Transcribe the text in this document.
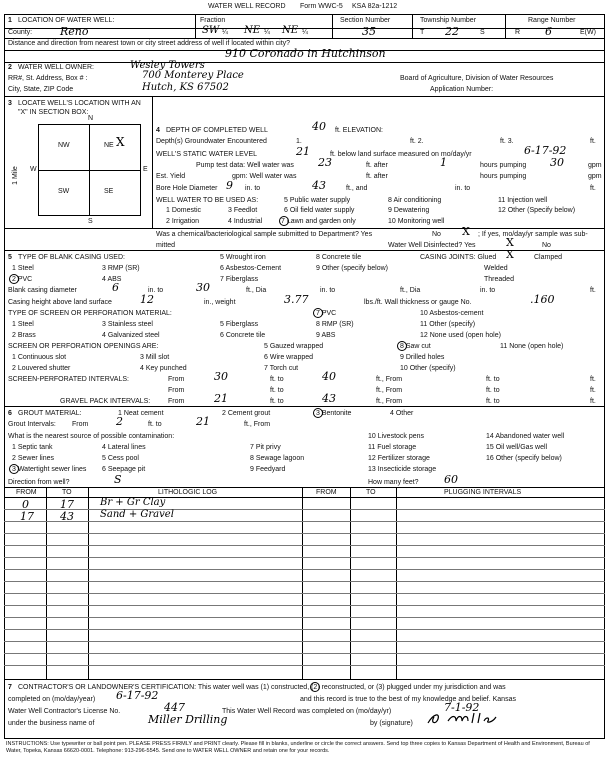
WATER WELL RECORD Form WWC-5 KSA 82a-1212
1 LOCATION OF WATER WELL:
County:	Reno
Fraction
SW ¼ NE ¼ NE ¼
Section Number
35
Township Number
T 22	S
Range Number
R 6	E(W)
Distance and direction from nearest town or city street address of well if located within city?
910 Coronado in Hutchinson
2 WATER WELL OWNER:
RR#, St. Address, Box # :
City, State, ZIP Code
Wesley Towers
700 Monterey Place
Hutch, KS 67502
Board of Agriculture, Division of Water Resources
Application Number:
3 LOCATE WELL'S LOCATION WITH AN "X" IN SECTION BOX:
N
S
W	E
1 Mile
NW	NE
SW	SE
X
4 DEPTH OF COMPLETED WELL	40 ft. ELEVATION:
Depth(s) Groundwater Encountered	1.	ft. 2.	ft. 3.	ft.
WELL'S STATIC WATER LEVEL	21	ft. below land surface measured on mo/day/yr	6-17-92
Pump test data: Well water was 23	ft. after	1	hours pumping 30	gpm
Est. Yield	gpm: Well water was	ft. after	hours pumping	gpm
Bore Hole Diameter 9 in. to	43	ft., and	in. to	ft.
WELL WATER TO BE USED AS:
1 Domestic	3 Feedlot
5 Public water supply	8 Air conditioning	11 Injection well
2 Irrigation	4 Industrial	7 Lawn and garden only
9 Dewatering	12 Other (Specify below)
6 Oil field water supply
10 Monitoring well
Was a chemical/bacteriological sample submitted to Department? Yes	No X ; If yes, mo/day/yr sample was sub-
mitted	Water Well Disinfected? Yes	X	No
5 TYPE OF BLANK CASING USED:
1 Steel	3 RMP (SR)
5 Wrought iron	8 Concrete tile
2 PVC	4 ABS
6 Asbestos-Cement	9 Other (specify below)
7 Fiberglass
CASING JOINTS: Glued X	Clamped
Welded
Threaded
Blank casing diameter	6	in. to	30	ft., Dia	in. to	ft., Dia	in. to	ft.
Casing height above land surface	12	in., weight	3.77	lbs./ft. Wall thickness or gauge No.	.160
TYPE OF SCREEN OR PERFORATION MATERIAL:
1 Steel	3 Stainless steel	5 Fiberglass
7 PVC	10 Asbestos-cement
2 Brass	4 Galvanized steel	6 Concrete tile
8 RMP (SR)	11 Other (specify)
9 ABS	12 None used (open hole)
SCREEN OR PERFORATION OPENINGS ARE:	5 Gauzed wrapped	8 Saw cut	11 None (open hole)
1 Continuous slot	3 Mill slot	6 Wire wrapped	9 Drilled holes
2 Louvered shutter	4 Key punched	7 Torch cut	10 Other (specify)
SCREEN-PERFORATED INTERVALS:	From	30	ft. to	40	ft., From	ft. to	ft.
From	ft. to	ft., From	ft. to	ft.
GRAVEL PACK INTERVALS:	From	21	ft. to	43	ft., From	ft. to	ft.
6 GROUT MATERIAL:	1 Neat cement	2 Cement grout	3 Bentonite	4 Other
Grout Intervals: From	2	ft. to	21	ft., From
What is the nearest source of possible contamination:
1 Septic tank	4 Lateral lines	7 Pit privy
10 Livestock pens	14 Abandoned water well
2 Sewer lines	5 Cess pool	8 Sewage lagoon
11 Fuel storage	15 Oil well/Gas well
3 Watertight sewer lines 6 Seepage pit	9 Feedyard
12 Fertilizer storage	16 Other (specify below)
13 Insecticide storage
Direction from well?	S	How many feet? 60
FROM	TO	LITHOLOGIC LOG	FROM	TO	PLUGGING INTERVALS
0	17	Br + Gr Clay
17 43	Sand + Gravel
7 CONTRACTOR'S OR LANDOWNER'S CERTIFICATION: This water well was (1) constructed, (2) reconstructed, or (3) plugged under my jurisdiction and was
completed on (mo/day/year) 6-17-92	and this record is true to the best of my knowledge and belief. Kansas
Water Well Contractor's License No.	447	This Water Well Record was completed on (mo/day/yr)	7-1-92
under the business name of	Miller Drilling	by (signature)
INSTRUCTIONS: Use typewriter or ball point pen. PLEASE PRESS FIRMLY and PRINT clearly. Please fill in blanks, underline or circle the correct answers. Send top three copies to Kansas Department of Health and Environment, Bureau of Water, Topeka, Kansas 66620-0001. Telephone: 913-296-5545. Send one to WATER WELL OWNER and retain one for your records.
